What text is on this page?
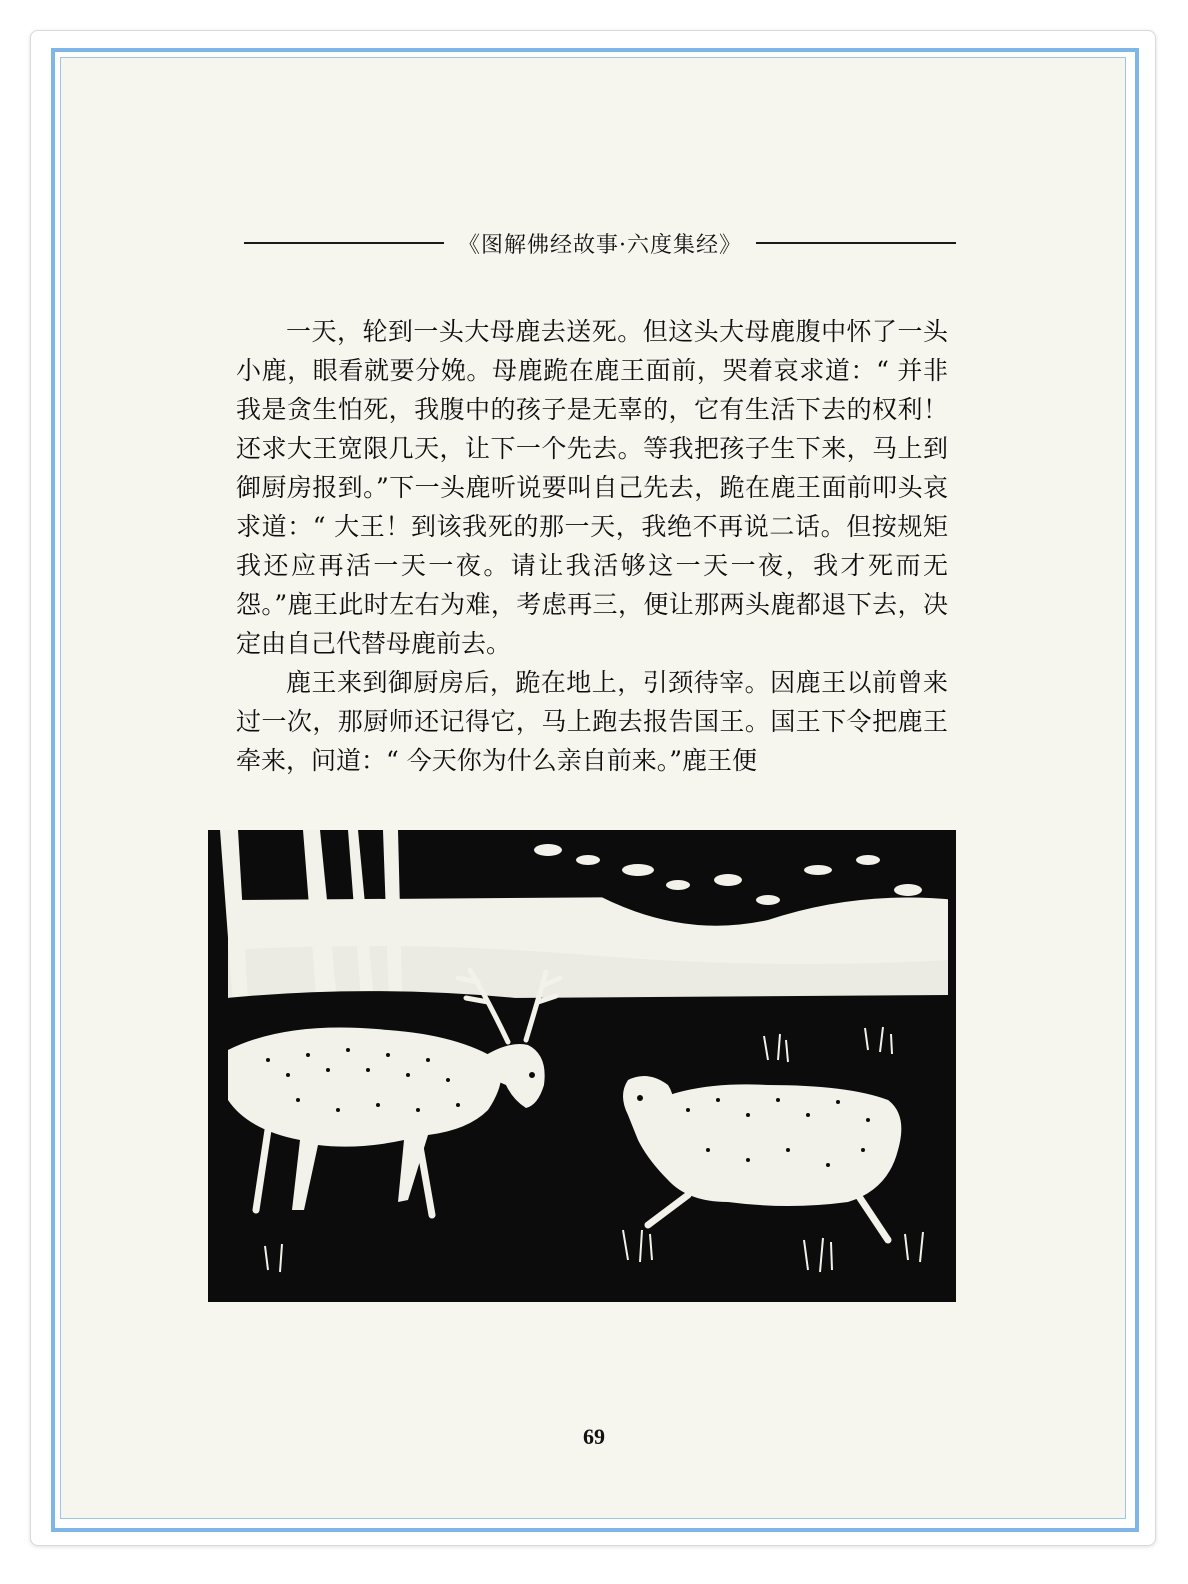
《图解佛经故事·六度集经》

一天，轮到一头大母鹿去送死。但这头大母鹿腹中怀了一头小鹿，眼看就要分娩。母鹿跪在鹿王面前，哭着哀求道：“ 并非我是贪生怕死，我腹中的孩子是无辜的，它有生活下去的权利！还求大王宽限几天，让下一个先去。等我把孩子生下来，马上到御厨房报到。”下一头鹿听说要叫自己先去，跪在鹿王面前叩头哀求道：“ 大王！到该我死的那一天，我绝不再说二话。但按规矩我还应再活一天一夜。请让我活够这一天一夜，我才死而无怨。”鹿王此时左右为难，考虑再三，便让那两头鹿都退下去，决定由自己代替母鹿前去。

鹿王来到御厨房后，跪在地上，引颈待宰。因鹿王以前曾来过一次，那厨师还记得它，马上跑去报告国王。国王下令把鹿王牵来，问道：“ 今天你为什么亲自前来。”鹿王便

69
